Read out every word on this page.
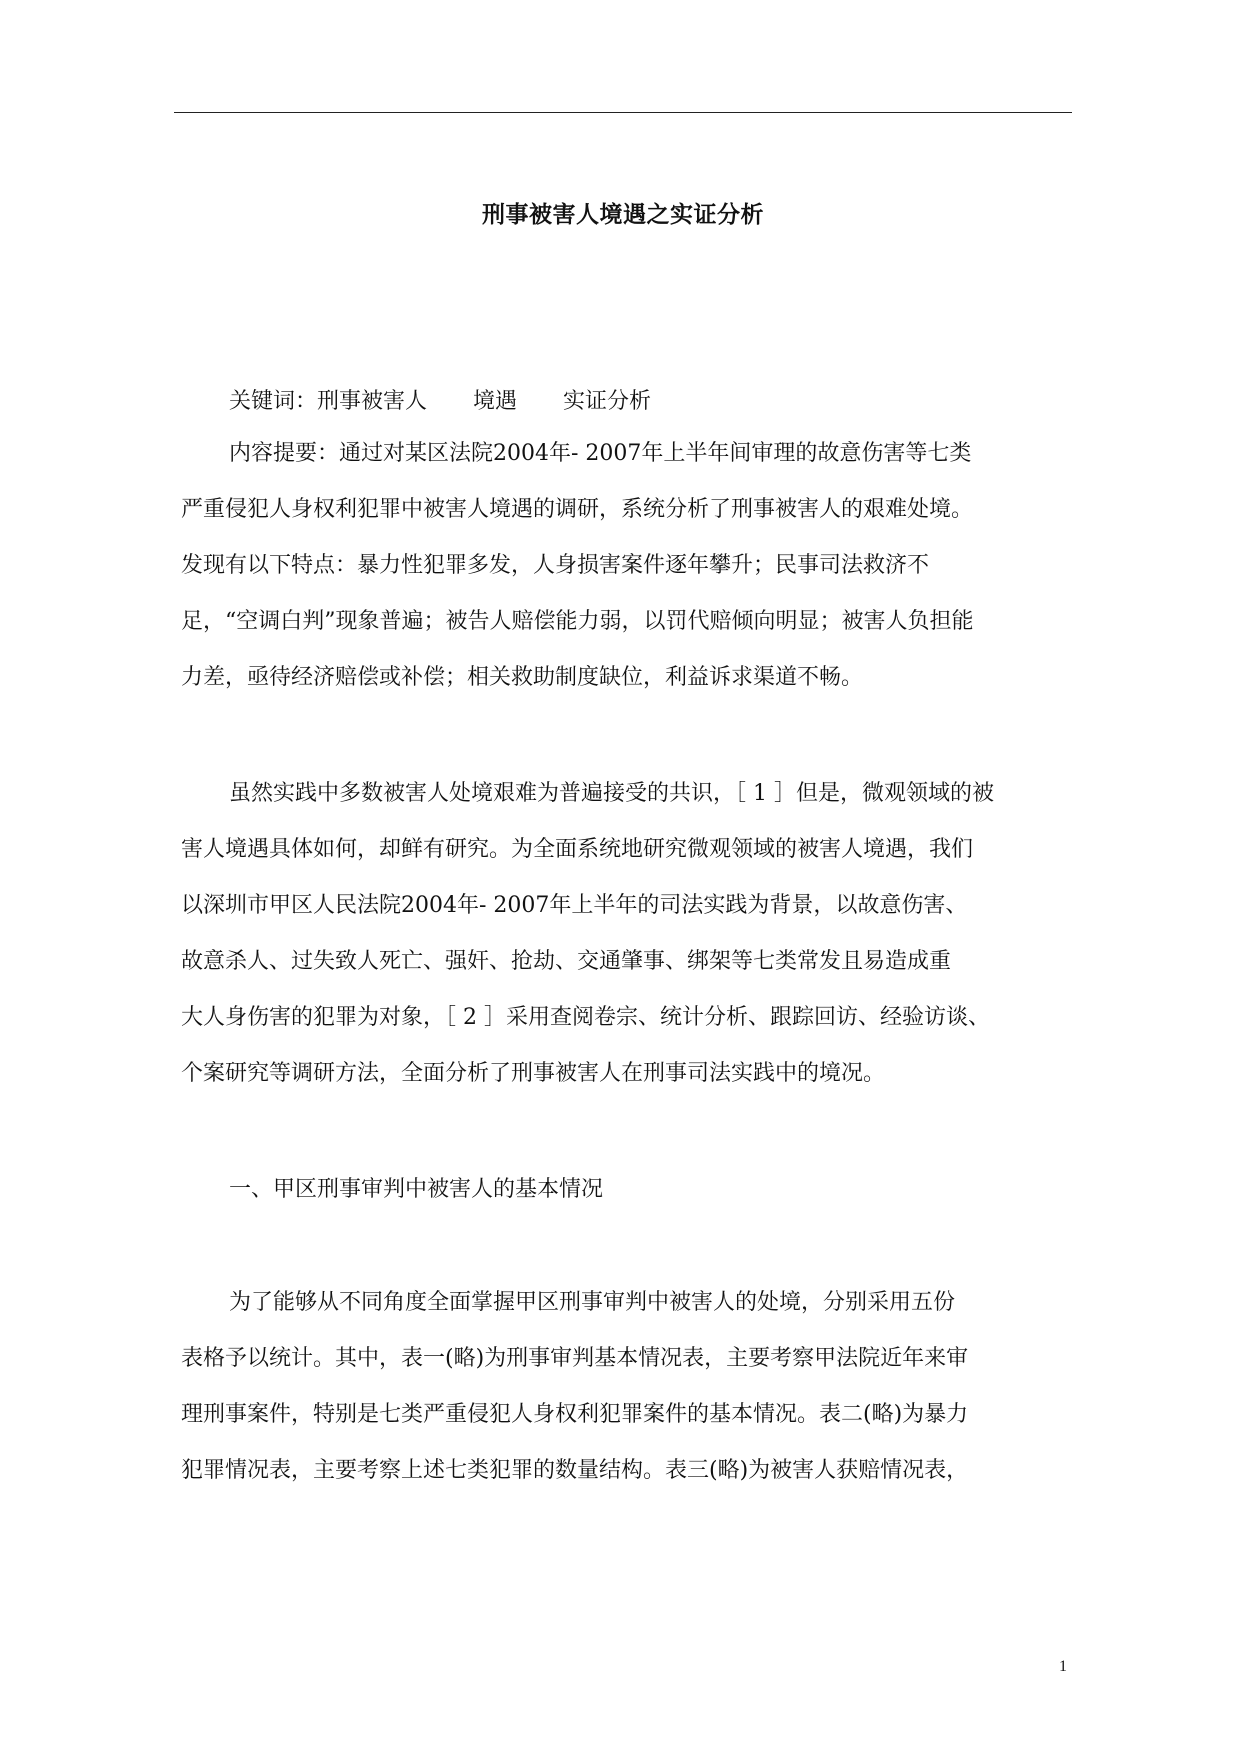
刑事被害人境遇之实证分析
关键词：刑事被害人 境遇 实证分析
内容提要：通过对某区法院2004年- 2007年上半年间审理的故意伤害等七类
严重侵犯人身权利犯罪中被害人境遇的调研，系统分析了刑事被害人的艰难处境。
发现有以下特点：暴力性犯罪多发，人身损害案件逐年攀升；民事司法救济不
足，“空调白判”现象普遍；被告人赔偿能力弱，以罚代赔倾向明显；被害人负担能
力差，亟待经济赔偿或补偿；相关救助制度缺位，利益诉求渠道不畅。
虽然实践中多数被害人处境艰难为普遍接受的共识，［ 1 ］但是，微观领域的被
害人境遇具体如何，却鲜有研究。为全面系统地研究微观领域的被害人境遇，我们
以深圳市甲区人民法院2004年- 2007年上半年的司法实践为背景，以故意伤害、
故意杀人、过失致人死亡、强奸、抢劫、交通肇事、绑架等七类常发且易造成重
大人身伤害的犯罪为对象，［ 2 ］采用查阅卷宗、统计分析、跟踪回访、经验访谈、
个案研究等调研方法，全面分析了刑事被害人在刑事司法实践中的境况。
一、甲区刑事审判中被害人的基本情况
为了能够从不同角度全面掌握甲区刑事审判中被害人的处境，分别采用五份
表格予以统计。其中，表一(略)为刑事审判基本情况表，主要考察甲法院近年来审
理刑事案件，特别是七类严重侵犯人身权利犯罪案件的基本情况。表二(略)为暴力
犯罪情况表，主要考察上述七类犯罪的数量结构。表三(略)为被害人获赔情况表，
1
